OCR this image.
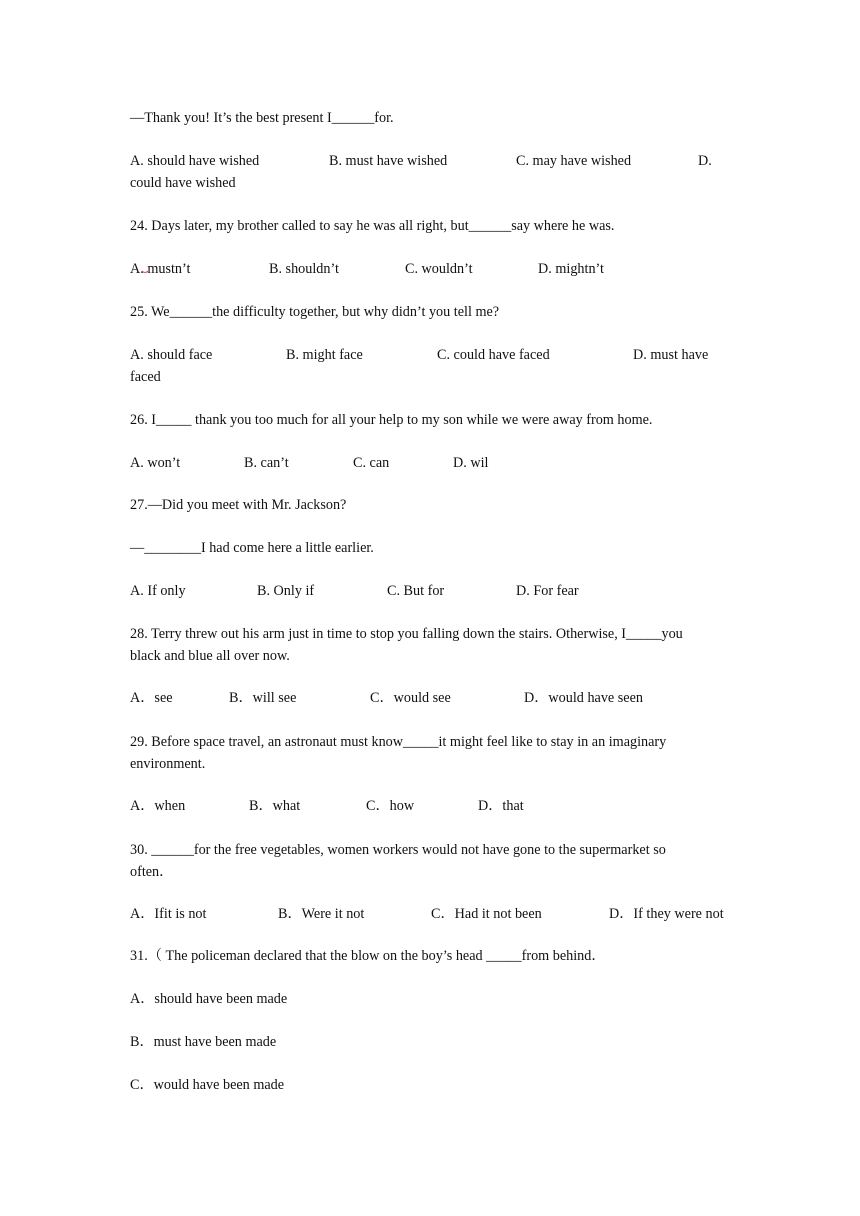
—Thank you! It’s the best present I______for.
A. should have wished	B. must have wished	C. may have wished	D.
could have wished
24. Days later, my brother called to say he was all right, but______say where he was.
A. mustn’t	B. shouldn’t	C. wouldn’t	D. mightn’t
25. We______the difficulty together, but why didn’t you tell me?
A. should face	B. might face	C. could have faced	D. must have
faced
26. I_____ thank you too much for all your help to my son while we were away from home.
A. won’t	B. can’t	C. can	D. wil
27.—Did you meet with Mr. Jackson?
—________I had come here a little earlier.
A. If only	B. Only if	C. But for	D. For fear
28. Terry threw out his arm just in time to stop you falling down the stairs. Otherwise, I_____you
black and blue all over now.
A．see	B．will see	C．would see	D．would have seen
29. Before space travel, an astronaut must know_____it might feel like to stay in an imaginary
environment.
A．when	B．what	C．how	D．that
30. ______for the free vegetables, women workers would not have gone to the supermarket so
often．
A．Ifit is not	B．Were it not	C．Had it not been	D．If they were not
31.（ The policeman declared that the blow on the boy’s head _____from behind．
A．should have been made
B．must have been made
C．would have been made
